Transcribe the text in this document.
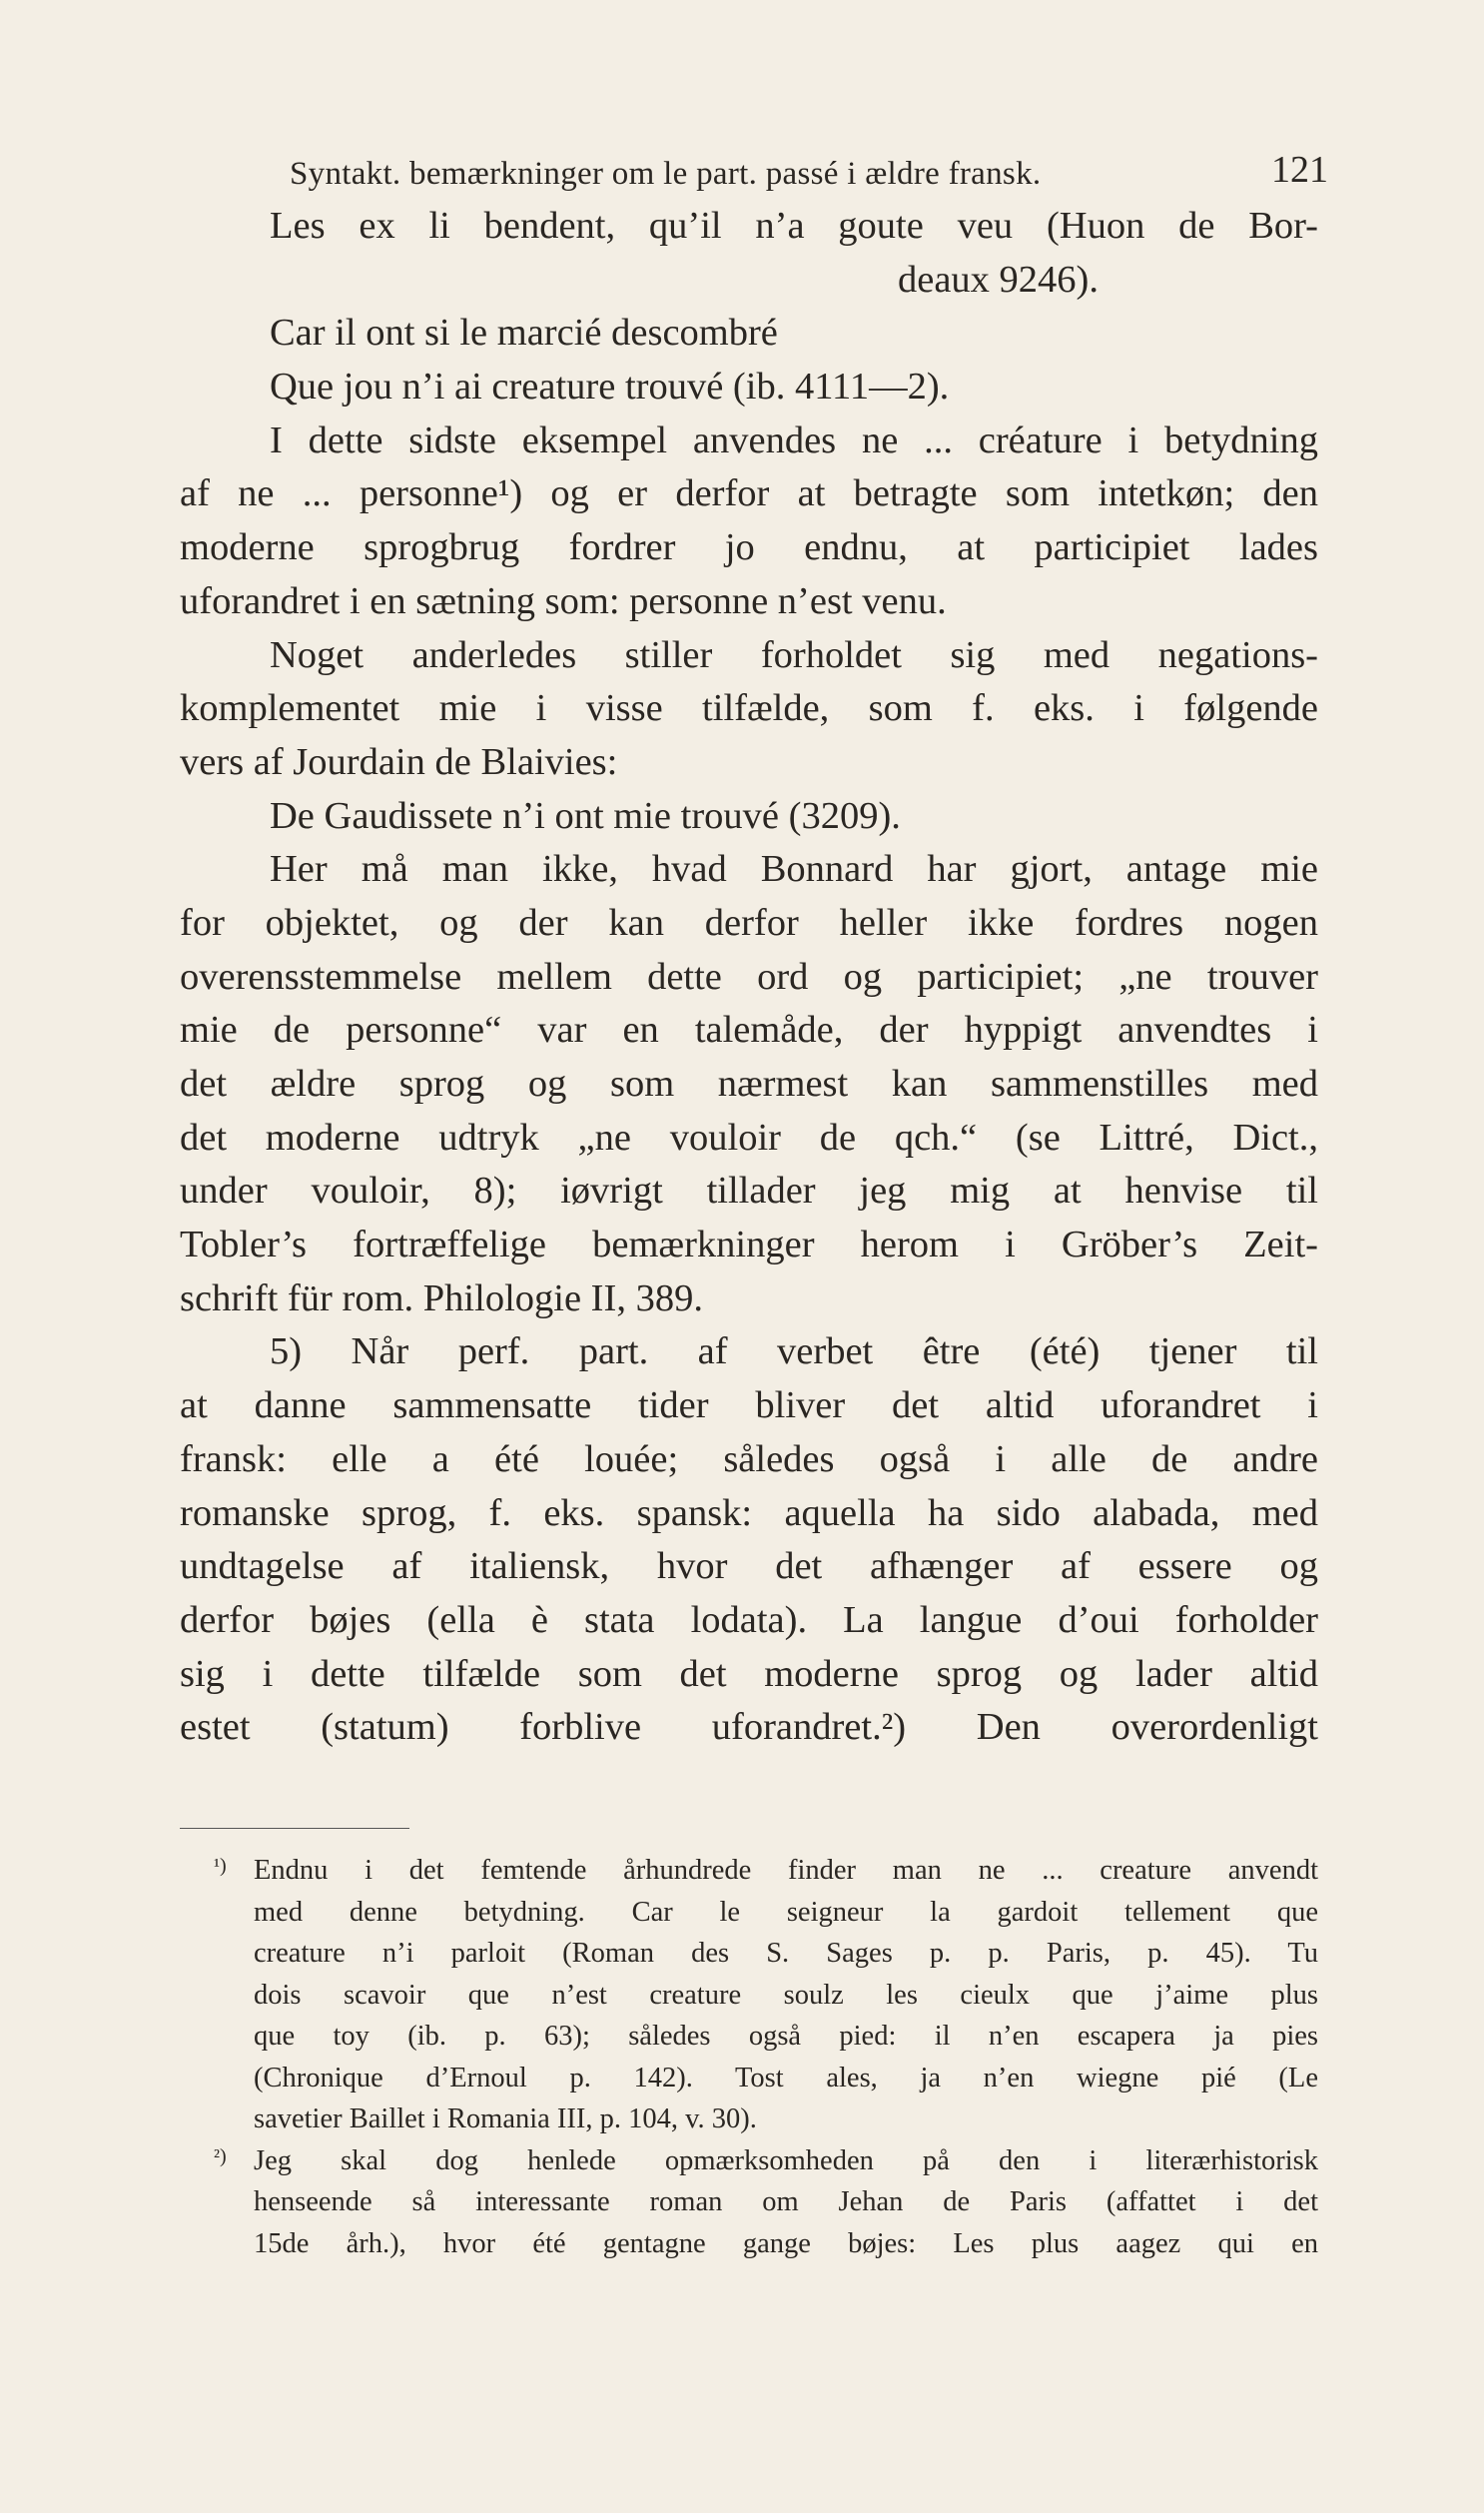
Syntakt. bemærkninger om le part. passé i ældre fransk.	121
Les ex li bendent, qu’il n’a goute veu (Huon de Bor-
deaux 9246).
Car il ont si le marcié descombré
Que jou n’i ai creature trouvé (ib. 4111—2).
I dette sidste eksempel anvendes ne ... créature i betydning
af ne ... personne¹) og er derfor at betragte som intetkøn; den
moderne sprogbrug fordrer jo endnu, at participiet lades
uforandret i en sætning som: personne n’est venu.
Noget anderledes stiller forholdet sig med negations-
komplementet mie i visse tilfælde, som f. eks. i følgende
vers af Jourdain de Blaivies:
De Gaudissete n’i ont mie trouvé (3209).
Her må man ikke, hvad Bonnard har gjort, antage mie
for objektet, og der kan derfor heller ikke fordres nogen
overensstemmelse mellem dette ord og participiet; „ne trouver
mie de personne“ var en talemåde, der hyppigt anvendtes i
det ældre sprog og som nærmest kan sammenstilles med
det moderne udtryk „ne vouloir de qch.“ (se Littré, Dict.,
under vouloir, 8); iøvrigt tillader jeg mig at henvise til
Tobler’s fortræffelige bemærkninger herom i Gröber’s Zeit-
schrift für rom. Philologie II, 389.
5) Når perf. part. af verbet être (été) tjener til
at danne sammensatte tider bliver det altid uforandret i
fransk: elle a été louée; således også i alle de andre
romanske sprog, f. eks. spansk: aquella ha sido alabada, med
undtagelse af italiensk, hvor det afhænger af essere og
derfor bøjes (ella è stata lodata). La langue d’oui forholder
sig i dette tilfælde som det moderne sprog og lader altid
estet (statum) forblive uforandret.²) Den overordenligt
¹) Endnu i det femtende århundrede finder man ne ... creature anvendt
med denne betydning. Car le seigneur la gardoit tellement que
creature n’i parloit (Roman des S. Sages p. p. Paris, p. 45). Tu
dois scavoir que n’est creature soulz les cieulx que j’aime plus
que toy (ib. p. 63); således også pied: il n’en escapera ja pies
(Chronique d’Ernoul p. 142). Tost ales, ja n’en wiegne pié (Le
savetier Baillet i Romania III, p. 104, v. 30).
²) Jeg skal dog henlede opmærksomheden på den i literærhistorisk
henseende så interessante roman om Jehan de Paris (affattet i det
15de årh.), hvor été gentagne gange bøjes: Les plus aagez qui en
